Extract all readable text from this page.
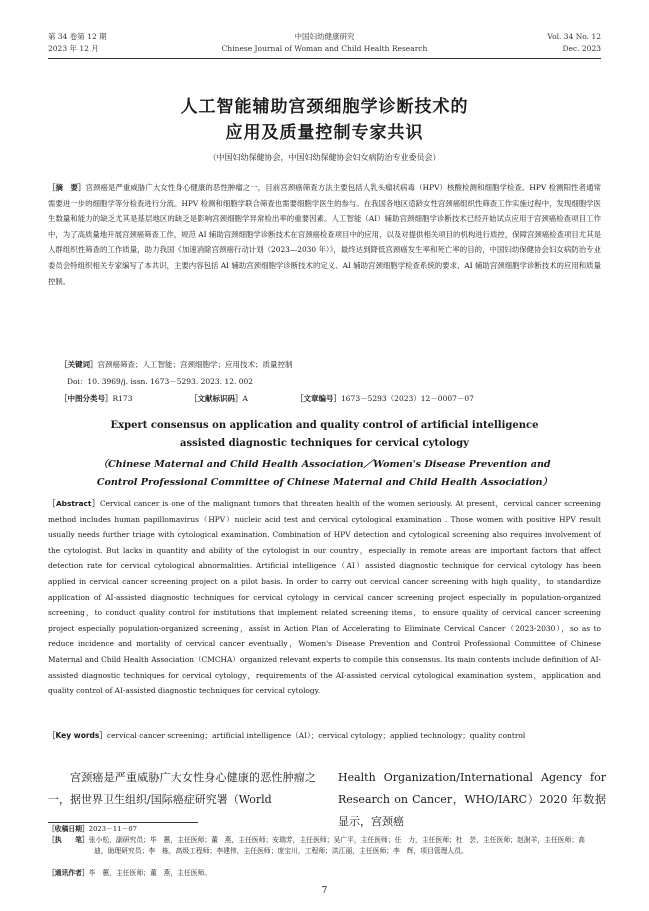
第 34 卷第 12 期
2023 年 12 月
中国妇幼健康研究
Chinese Journal of Woman and Child Health Research
Vol. 34 No. 12
Dec. 2023
人工智能辅助宫颈细胞学诊断技术的
应用及质量控制专家共识
（中国妇幼保健协会，中国妇幼保健协会妇女病防治专业委员会）
［摘　要］宫颈癌是严重威胁广大女性身心健康的恶性肿瘤之一，目前宫颈癌筛查方法主要包括人乳头瘤状病毒（HPV）核酸检测和细胞学检查。HPV 检测阳性者通常需要进一步的细胞学等分检查进行分流。HPV 检测和细胞学联合筛查也需要细胞学医生的参与。在我国各地区适龄女性宫颈癌组织性筛查工作实施过程中，发现细胞学医生数量和能力的缺乏尤其是基层地区的缺乏是影响宫颈细胞学异常检出率的重要因素。人工智能（AI）辅助宫颈细胞学诊断技术已经开始试点应用于宫颈癌检查项目工作中，为了高质量地开展宫颈癌筛查工作，规范 AI 辅助宫颈细胞学诊断技术在宫颈癌检查项目中的应用，以及对提供相关项目的机构进行质控，保障宫颈癌检查项目尤其是人群组织性筛查的工作质量，助力我国《加速消除宫颈癌行动计划（2023—2030 年）》，最终达到降低宫颈癌发生率和死亡率的目的，中国妇幼保健协会妇女病防治专业委员会特组织相关专家编写了本共识，主要内容包括 AI 辅助宫颈细胞学诊断技术的定义、AI 辅助宫颈细胞学检查系统的要求、AI 辅助宫颈细胞学诊断技术的应用和质量控制。
［关键词］宫颈癌筛查；人工智能；宫颈细胞学；应用技术；质量控制
Doi：10. 3969/j. issn. 1673－5293. 2023. 12. 002
［中图分类号］R173	［文献标识码］A	［文章编号］1673－5293（2023）12－0007－07
Expert consensus on application and quality control of artificial intelligence
assisted diagnostic techniques for cervical cytology
（Chinese Maternal and Child Health Association／Women's Disease Prevention and
Control Professional Committee of Chinese Maternal and Child Health Association）
［Abstract］Cervical cancer is one of the malignant tumors that threaten health of the women seriously. At present，cervical cancer screening method includes human papillomavirus（HPV）nucleic acid test and cervical cytological examination . Those women with positive HPV result usually needs further triage with cytological examination. Combination of HPV detection and cytological screening also requires involvement of the cytologist. But lacks in quantity and ability of the cytologist in our country，especially in remote areas are important factors that affect detection rate for cervical cytological abnormalities. Artificial intelligence（AI）assisted diagnostic technique for cervical cytology has been applied in cervical cancer screening project on a pilot basis. In order to carry out cervical cancer screening with high quality，to standardize application of AI-assisted diagnostic techniques for cervical cytology in cervical cancer screening project especially in population-organized screening，to conduct quality control for institutions that implement related screening items，to ensure quality of cervical cancer screening project especially population-organized screening，assist in Action Plan of Accelerating to Eliminate Cervical Cancer（2023-2030），so as to reduce incidence and mortality of cervical cancer eventually，Women's Disease Prevention and Control Professional Committee of Chinese Maternal and Child Health Association（CMCHA）organized relevant experts to compile this consensus. Its main contents include definition of AI-assisted diagnostic techniques for cervical cytology，requirements of the AI-assisted cervical cytological examination system，application and quality control of AI-assisted diagnostic techniques for cervical cytology.
［Key words］cervical cancer screening；artificial intelligence（AI）；cervical cytology；applied technology；quality control
宫颈癌是严重威胁广大女性身心健康的恶性肿瘤之一，据世界卫生组织/国际癌症研究署（World
Health Organization/International Agency for Research on Cancer，WHO/IARC）2020 年数据显示，宫颈癌
［收稿日期］2023－11－07
［执　　笔］张小松，副研究员；毕　蕙，主任医师；董　燕，主任医师；安瑞芳，主任医师；吴广平，主任医师；任　力，主任医师；杜　芸，主任医师；赵澍羊，主任医师；高　迪，助理研究员；李　栋，高级工程师；李建伟，主任医师；庞宝川，工程师；洪江丽，主任医师；李　辉，项目管理人员。
［通讯作者］毕　蕙，主任医师；董　燕，主任医师。
7
